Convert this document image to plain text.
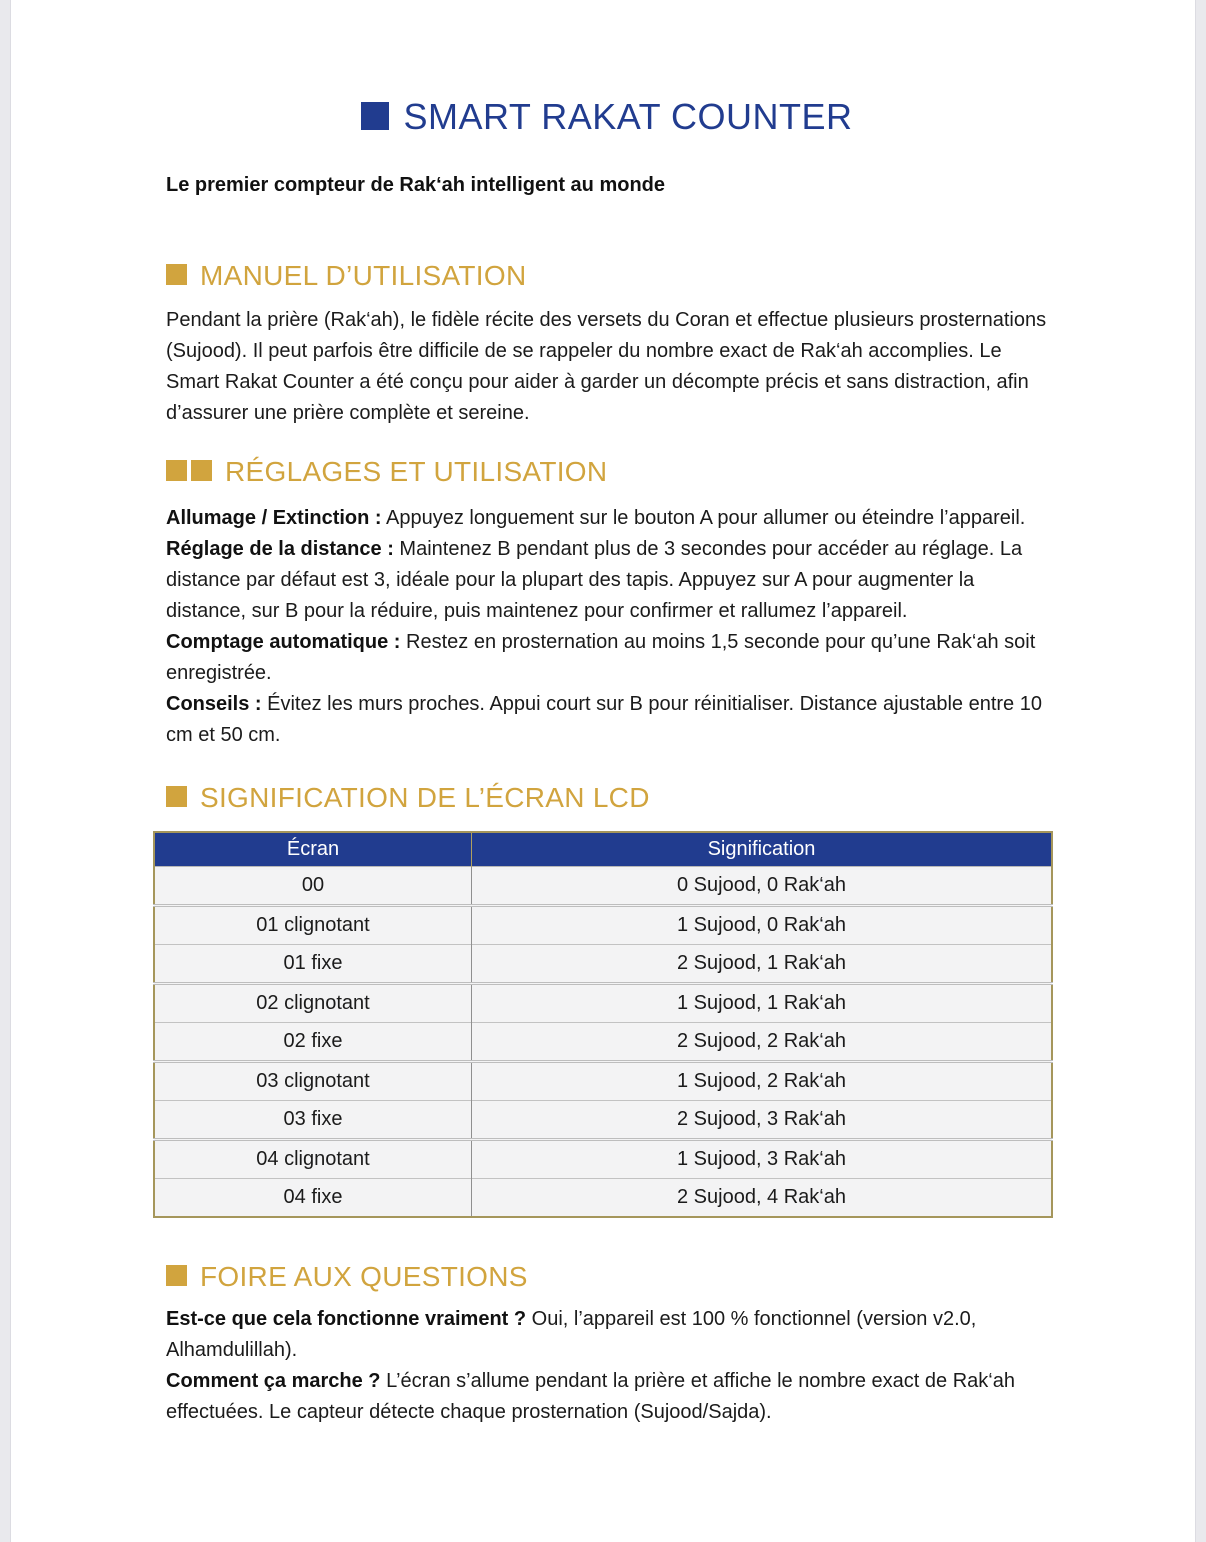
SMART RAKAT COUNTER

Le premier compteur de Rak‘ah intelligent au monde

MANUEL D’UTILISATION

Pendant la prière (Rak‘ah), le fidèle récite des versets du Coran et effectue plusieurs prosternations (Sujood). Il peut parfois être difficile de se rappeler du nombre exact de Rak‘ah accomplies. Le Smart Rakat Counter a été conçu pour aider à garder un décompte précis et sans distraction, afin d’assurer une prière complète et sereine.

RÉGLAGES ET UTILISATION

Allumage / Extinction : Appuyez longuement sur le bouton A pour allumer ou éteindre l’appareil.

Réglage de la distance : Maintenez B pendant plus de 3 secondes pour accéder au réglage. La distance par défaut est 3, idéale pour la plupart des tapis. Appuyez sur A pour augmenter la distance, sur B pour la réduire, puis maintenez pour confirmer et rallumez l’appareil.

Comptage automatique : Restez en prosternation au moins 1,5 seconde pour qu’une Rak‘ah soit enregistrée.

Conseils : Évitez les murs proches. Appui court sur B pour réinitialiser. Distance ajustable entre 10 cm et 50 cm.

SIGNIFICATION DE L’ÉCRAN LCD
Écran	Signification
00	0 Sujood, 0 Rak‘ah
01 clignotant	1 Sujood, 0 Rak‘ah
01 fixe	2 Sujood, 1 Rak‘ah
02 clignotant	1 Sujood, 1 Rak‘ah
02 fixe	2 Sujood, 2 Rak‘ah
03 clignotant	1 Sujood, 2 Rak‘ah
03 fixe	2 Sujood, 3 Rak‘ah
04 clignotant	1 Sujood, 3 Rak‘ah
04 fixe	2 Sujood, 4 Rak‘ah
FOIRE AUX QUESTIONS

Est-ce que cela fonctionne vraiment ? Oui, l’appareil est 100 % fonctionnel (version v2.0, Alhamdulillah).

Comment ça marche ? L’écran s’allume pendant la prière et affiche le nombre exact de Rak‘ah effectuées. Le capteur détecte chaque prosternation (Sujood/Sajda).
